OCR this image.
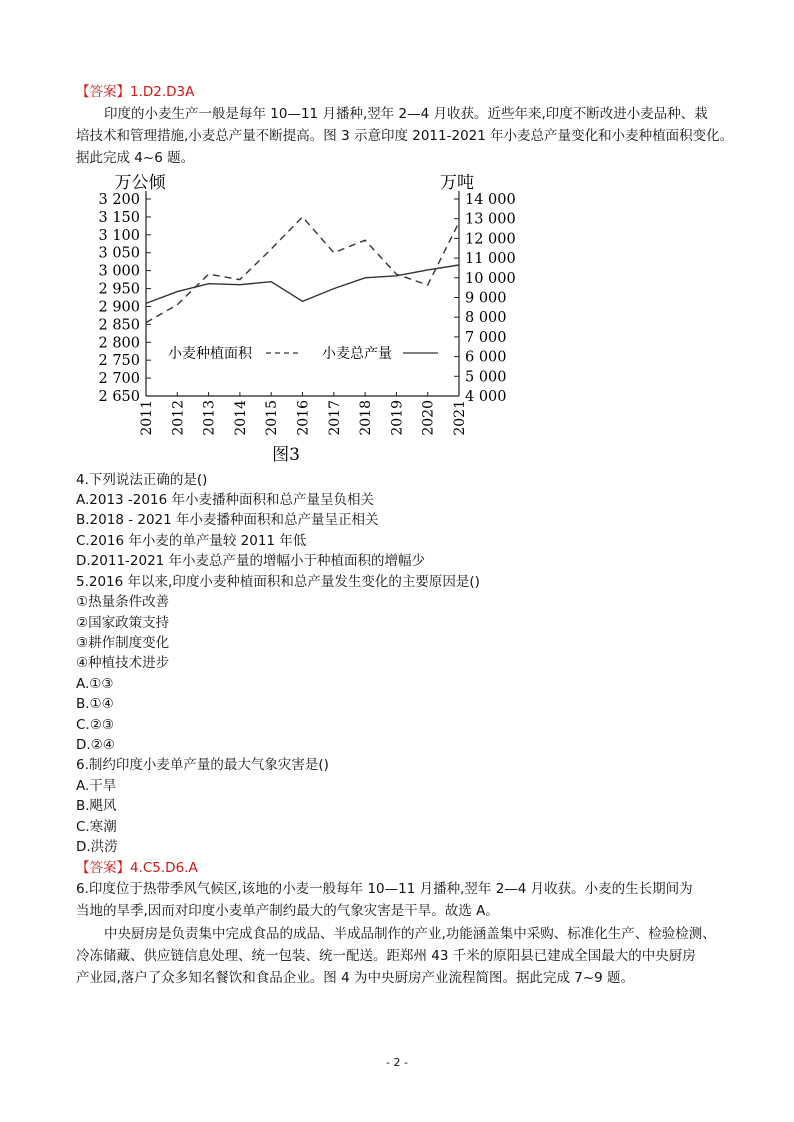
【答案】1.D2.D3A
印度的小麦生产一般是每年 10—11 月播种,翌年 2—4 月收获。近些年来,印度不断改进小麦品种、栽
培技术和管理措施,小麦总产量不断提高。图 3 示意印度 2011-2021 年小麦总产量变化和小麦种植面积变化。
据此完成 4~6 题。
万公倾	万吨
3 200
3 150
3 100
3 050
3 000
2 950
2 900
2 850
2 800
2 750
2 700
2 650
14 000
13 000
12 000
11 000
10 000
9 000
8 000
7 000
6 000
5 000
4 000
2011 2012 2013 2014 2015 2016 2017 2018 2019 2020 2021
小麦种植面积	小麦总产量
图3
4.下列说法正确的是()
A.2013 -2016 年小麦播种面积和总产量呈负相关
B.2018 - 2021 年小麦播种面积和总产量呈正相关
C.2016 年小麦的单产量较 2011 年低
D.2011-2021 年小麦总产量的增幅小于种植面积的增幅少
5.2016 年以来,印度小麦种植面积和总产量发生变化的主要原因是()
①热量条件改善
②国家政策支持
③耕作制度变化
④种植技术进步
A.①③
B.①④
C.②③
D.②④
6.制约印度小麦单产量的最大气象灾害是()
A.干旱
B.飓风
C.寒潮
D.洪涝
【答案】4.C5.D6.A
6.印度位于热带季风气候区,该地的小麦一般每年 10—11 月播种,翌年 2—4 月收获。小麦的生长期间为
当地的旱季,因而对印度小麦单产制约最大的气象灾害是干旱。故选 A。
中央厨房是负责集中完成食品的成品、半成品制作的产业,功能涵盖集中采购、标准化生产、检验检测、
冷冻储藏、供应链信息处理、统一包装、统一配送。距郑州 43 千米的原阳县已建成全国最大的中央厨房
产业园,落户了众多知名餐饮和食品企业。图 4 为中央厨房产业流程简图。据此完成 7~9 题。
- 2 -
